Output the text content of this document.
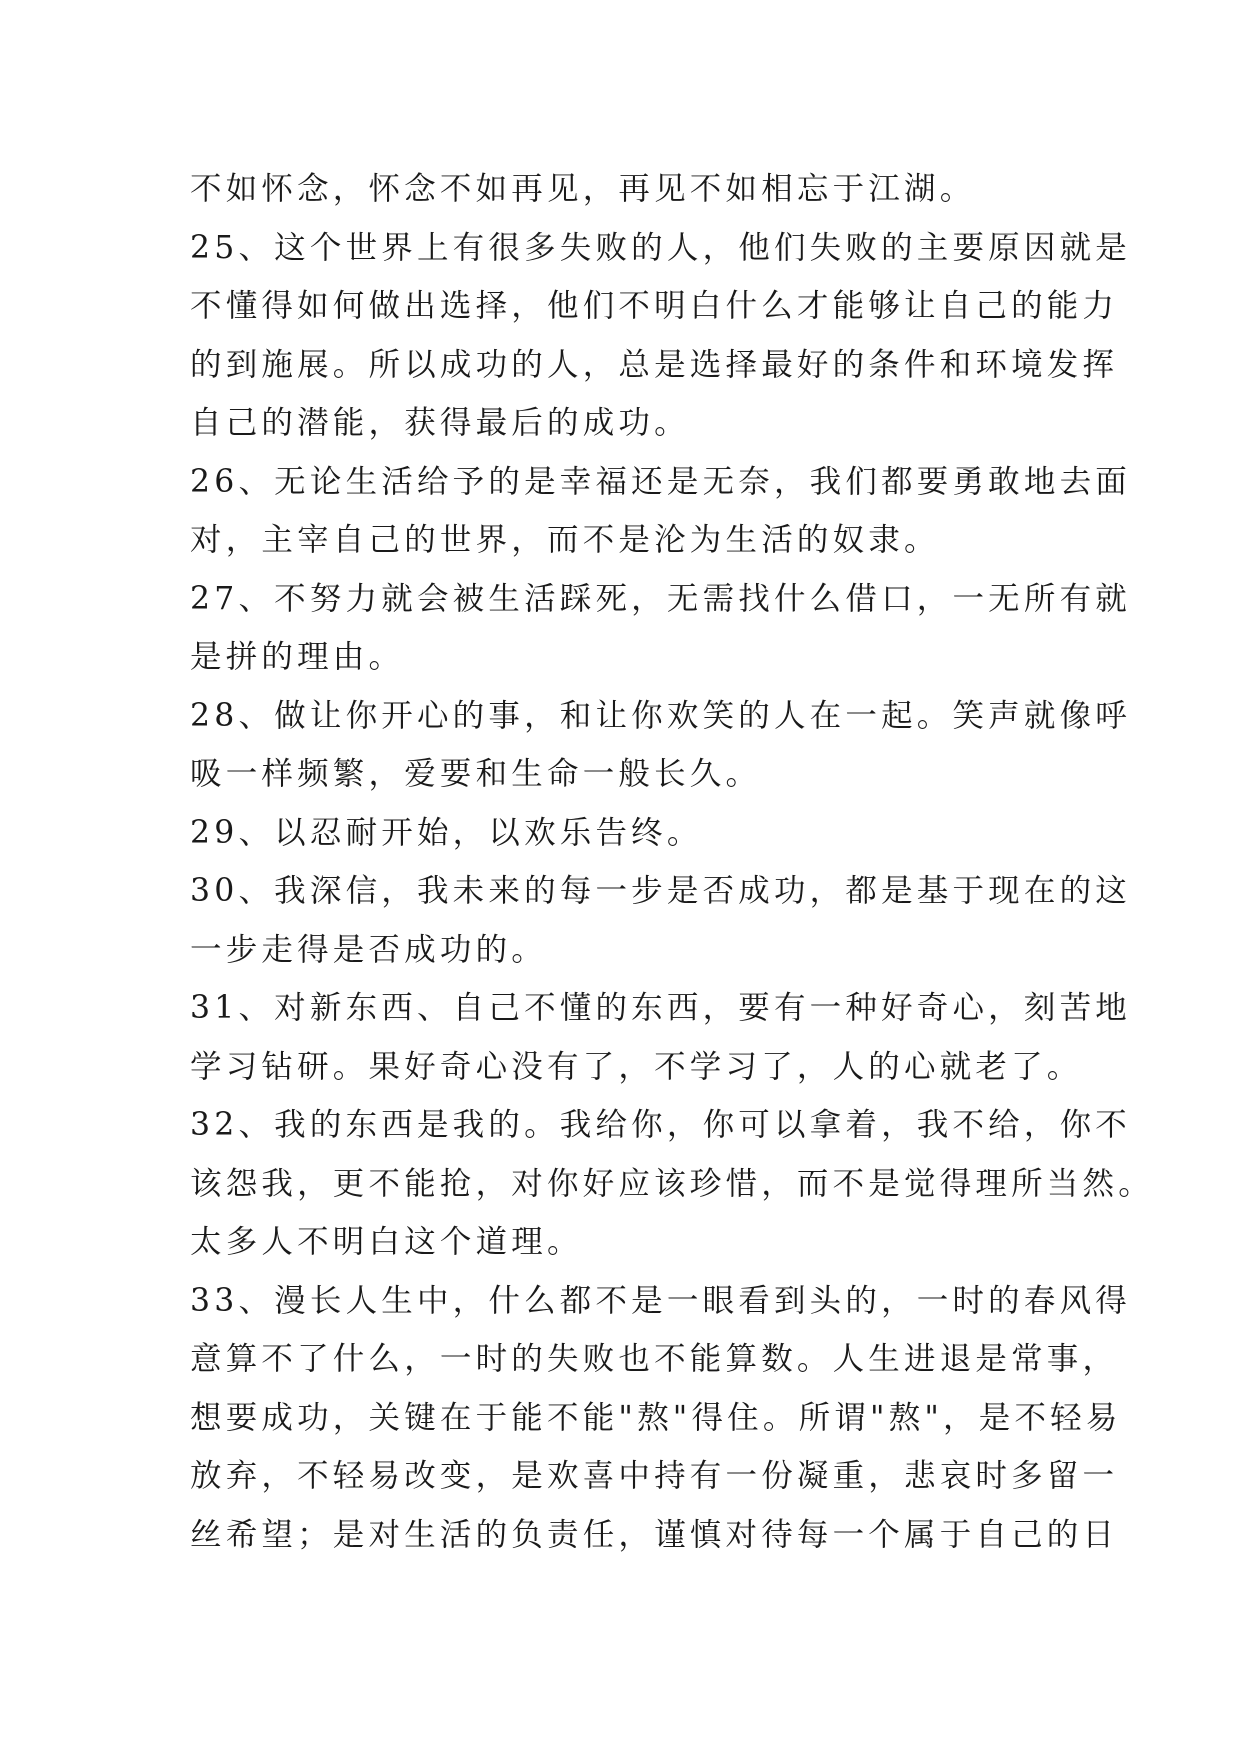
不如怀念，怀念不如再见，再见不如相忘于江湖。
25、这个世界上有很多失败的人，他们失败的主要原因就是
不懂得如何做出选择，他们不明白什么才能够让自己的能力
的到施展。所以成功的人，总是选择最好的条件和环境发挥
自己的潜能，获得最后的成功。
26、无论生活给予的是幸福还是无奈，我们都要勇敢地去面
对，主宰自己的世界，而不是沦为生活的奴隶。
27、不努力就会被生活踩死，无需找什么借口，一无所有就
是拼的理由。
28、做让你开心的事，和让你欢笑的人在一起。笑声就像呼
吸一样频繁，爱要和生命一般长久。
29、以忍耐开始，以欢乐告终。
30、我深信，我未来的每一步是否成功，都是基于现在的这
一步走得是否成功的。
31、对新东西、自己不懂的东西，要有一种好奇心，刻苦地
学习钻研。果好奇心没有了，不学习了，人的心就老了。
32、我的东西是我的。我给你，你可以拿着，我不给，你不
该怨我，更不能抢，对你好应该珍惜，而不是觉得理所当然。
太多人不明白这个道理。
33、漫长人生中，什么都不是一眼看到头的，一时的春风得
意算不了什么，一时的失败也不能算数。人生进退是常事，
想要成功，关键在于能不能"熬"得住。所谓"熬"，是不轻易
放弃，不轻易改变，是欢喜中持有一份凝重，悲哀时多留一
丝希望；是对生活的负责任，谨慎对待每一个属于自己的日
